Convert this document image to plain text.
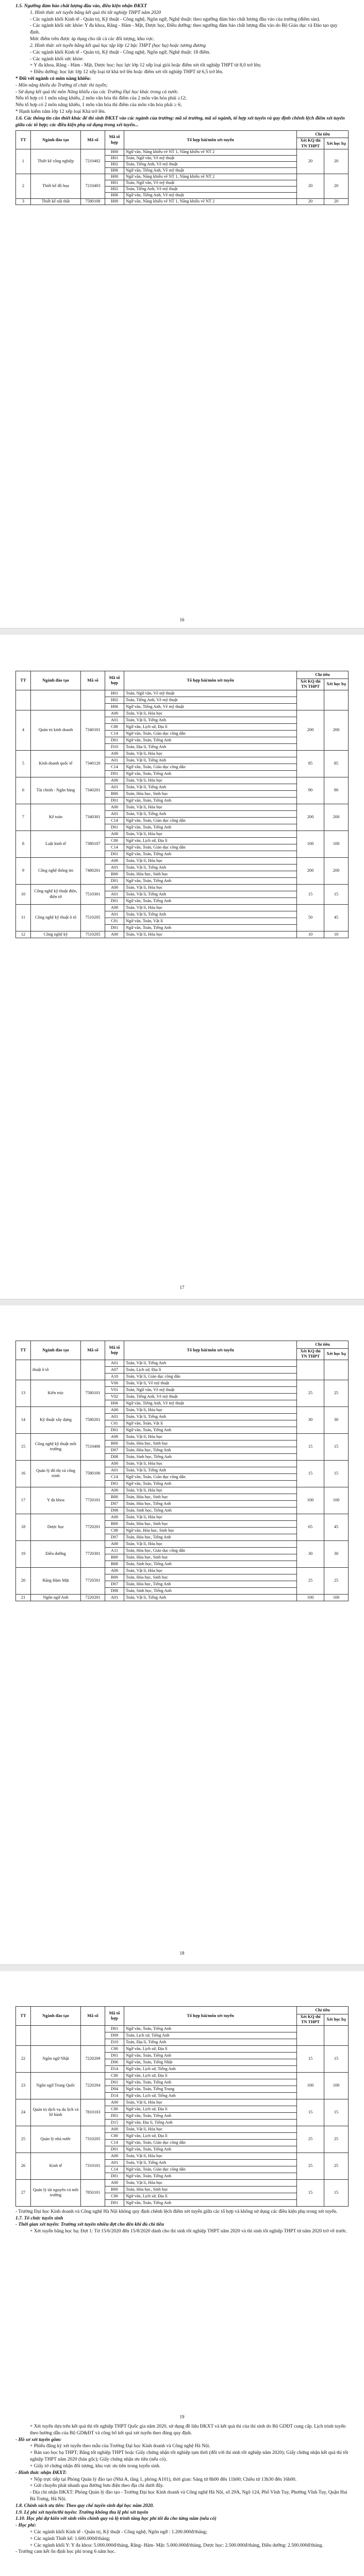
1.5. Ngưỡng đảm bảo chất lượng đầu vào, điều kiện nhận ĐKXT

1. Hình thức xét tuyển bằng kết quả thi tốt nghiệp THPT năm 2020

- Các ngành khối Kinh tế - Quản trị, Kỹ thuật - Công nghệ, Ngôn ngữ, Nghệ thuật: theo ngưỡng đảm bảo chất lượng đầu vào của trường (điểm sàn).

- Các ngành khối sức khỏe: Y đa khoa, Răng - Hàm - Mặt, Dược học, Điều dưỡng: theo ngưỡng đảm bảo chất lượng đầu vào do Bộ Giáo dục và Đào tạo quy định.

Mức điểm trên được áp dụng cho tất cả các đối tượng, khu vực.

2. Hình thức xét tuyển bằng kết quả học tập lớp 12 bậc THPT (học bạ) hoặc tương đương

- Các ngành khối Kinh tế - Quản trị, Kỹ thuật - Công nghệ, Ngôn ngữ, Nghệ thuật: 18 điểm.

- Các ngành khối sức khỏe:

+ Y đa khoa, Răng - Hàm - Mặt, Dược học: học lực lớp 12 xếp loại giỏi hoặc điểm xét tốt nghiệp THPT từ 8,0 trở lên;

+ Điều dưỡng: học lực lớp 12 xếp loại từ khá trở lên hoặc điểm xét tốt nghiệp THPT từ 6,5 trở lên.

* Đối với ngành có môn năng khiếu:

- Môn năng khiếu do Trường tổ chức thi tuyển;

- Sử dụng kết quả thi môn Năng khiếu của các Trường Đại học khác trong cả nước.

Nếu tổ hợp có 1 môn năng khiếu, 2 môn văn hóa thì điểm của 2 môn văn hóa phải ≥12;

Nếu tổ hợp có 2 môn năng khiếu, 1 môn văn hóa thì điểm của môn văn hóa phải ≥ 6;

* Hạnh kiểm năm lớp 12 xếp loại Khá trở lên.

1.6. Các thông tin cần thiết khác để thí sinh ĐKXT vào các ngành của trường: mã số trường, mã số ngành, tổ hợp xét tuyển và quy định chênh lệch điểm xét tuyển giữa các tổ hợp; các điều kiện phụ sử dụng trong xét tuyển...

TT	Ngành đào tạo	Mã số	Mã tổ hợp	Tổ hợp bài/môn xét tuyển	Chỉ tiêu	
					Xét KQ thi TN THPT	Xét học bạ
1	Thiết kế công nghiệp	7210402	H00	Ngữ văn, Năng khiếu vẽ NT 1, Năng khiếu vẽ NT 2	20	20
			H01	Toán, Ngữ văn, Vẽ mỹ thuật		
			H02	Toán, Tiếng Anh, Vẽ mỹ thuật		
			H06	Ngữ văn, Tiếng Anh, Vẽ mỹ thuật		
2	Thiết kế đồ họa	7210403	H00	Ngữ văn, Năng khiếu vẽ NT 1, Năng khiếu vẽ NT 2	20	20
			H01	Toán, Ngữ văn, Vẽ mỹ thuật		
			H02	Toán, Tiếng Anh, Vẽ mỹ thuật		
			H06	Ngữ văn, Tiếng Anh, Vẽ mỹ thuật		
3	Thiết kế nội thất	7580108	H00	Ngữ văn, Năng khiếu vẽ NT 1, Năng khiếu vẽ NT 2	20	20
16
TT	Ngành đào tạo	Mã số	Mã tổ hợp	Tổ hợp bài/môn xét tuyển	Chỉ tiêu	
					Xét KQ thi TN THPT	Xét học bạ
			H01	Toán, Ngữ văn, Vẽ mỹ thuật		
			H02	Toán, Tiếng Anh, Vẽ mỹ thuật		
			H06	Ngữ văn, Tiếng Anh, Vẽ mỹ thuật		
4	Quản trị kinh doanh	7340101	A00	Toán, Vật lí, Hóa học	200	200
			A01	Toán, Vật lí, Tiếng Anh		
			C00	Ngữ văn, Lịch sử, Địa lí		
			C14	Ngữ văn, Toán, Giáo dục công dân		
			D01	Ngữ văn, Toán, Tiếng Anh		
			D10	Toán, Địa lí, Tiếng Anh		
5	Kinh doanh quốc tế	7340120	A00	Toán, Vật lí, Hóa học	85	85
			A01	Toán, Vật lí, Tiếng Anh		
			C14	Ngữ văn, Toán, Giáo dục công dân		
			D01	Ngữ văn, Toán, Tiếng Anh		
6	Tài chính - Ngân hàng	7340201	A00	Toán, Vật lí, Hóa học	90	90
			A01	Toán, Vật lí, Tiếng Anh		
			B00	Toán, Hóa học, Sinh học		
			D01	Ngữ văn, Toán, Tiếng Anh		
7	Kế toán	7340301	A00	Toán, Vật lí, Hóa học	200	200
			A01	Toán, Vật lí, Tiếng Anh		
			C14	Ngữ văn, Toán, Giáo dục công dân		
			D01	Ngữ văn, Toán, Tiếng Anh		
8	Luật kinh tế	7380107	A00	Toán, Vật lí, Hóa học	100	100
			C00	Ngữ văn, Lịch sử, Địa lí		
			C14	Ngữ văn, Toán, Giáo dục công dân		
			D01	Ngữ văn, Toán, Tiếng Anh		
9	Công nghệ thông tin	7480201	A00	Toán, Vật lí, Hóa học	200	200
			A01	Toán, Vật lí, Tiếng Anh		
			B00	Toán, Hóa học, Sinh học		
			D01	Ngữ văn, Toán, Tiếng Anh		
10	Công nghệ kỹ thuật điện, điện tử	7510301	A00	Toán, Vật lí, Hóa học	15	15
			A01	Toán, Vật lí, Tiếng Anh		
			D01	Ngữ văn, Toán, Tiếng Anh		
11	Công nghệ kỹ thuật ô tô	7510205	A00	Toán, Vật lí, Hóa học	50	45
			A01	Toán, Vật lí, Tiếng Anh		
			C01	Ngữ văn, Toán, Vật lí		
			D01	Ngữ văn, Toán, Tiếng Anh		
12	Công nghệ kỹ	7510205	A00	Toán, Vật lí, Hóa học	10	10
17
TT	Ngành đào tạo	Mã số	Mã tổ hợp	Tổ hợp bài/môn xét tuyển	Chỉ tiêu	
					Xét KQ thi TN THPT	Xét học bạ
	thuật ô tô		A01	Toán, Vật lí, Tiếng Anh		
			A07	Toán, Lịch sử, Địa lí		
			A10	Toán, Vật lí, Giáo dục công dân		
13	Kiến trúc	7580101	V00	Toán, Vật lí, Vẽ mỹ thuật	25	25
			V01	Toán, Ngữ văn, Vẽ mỹ thuật		
			V02	Toán, Tiếng Anh, Vẽ mỹ thuật		
			H06	Ngữ văn, Tiếng Anh, Vẽ mỹ thuật		
14	Kỹ thuật xây dựng	7580201	A00	Toán, Vật lí, Hóa học	30	30
			A01	Toán, Vật lí, Tiếng Anh		
			C01	Ngữ văn, Toán, Vật lí		
			D01	Ngữ văn, Toán, Tiếng Anh		
15	Công nghệ kỹ thuật môi trường	7510406	A00	Toán, Vật lí, Hóa học	15	15
			B00	Toán, Hóa học, Sinh học		
			D07	Toán, Hóa học, Tiếng Anh		
			D08	Toán, Sinh học, Tiếng Anh		
16	Quản lý đô thị và công trình	7580106	A00	Toán, Vật lí, Hóa học	15	15
			A01	Toán, Vật lí, Tiếng Anh		
			C14	Ngữ văn, Toán, Giáo dục công dân		
			D01	Ngữ văn, Toán, Tiếng Anh		
17	Y đa khoa	7720101	A00	Toán, Vật lí, Hóa học	100	100
			B00	Toán, Hóa học, Sinh học		
			D07	Toán, Hóa học, Tiếng Anh		
			D08	Toán, Sinh học, Tiếng Anh		
18	Dược học	7720201	A00	Toán, Vật lí, Hóa học	65	45
			B00	Toán, Hóa học, Sinh học		
			C08	Ngữ văn, Hóa học, Sinh học		
			D07	Toán, Hóa học, Tiếng Anh		
19	Điều dưỡng	7720301	A00	Toán, Vật lí, Hóa học	30	30
			A11	Toán, Hóa học, Giáo dục công dân		
			B00	Toán, Hóa học, Sinh học		
			B08	Toán, Sinh học, Tiếng Anh		
20	Răng Hàm Mặt	7720501	A00	Toán, Vật lí, Hóa học	25	25
			B00	Toán, Hóa học, Sinh học		
			D07	Toán, Hóa học, Tiếng Anh		
			D08	Toán, Sinh học, Tiếng Anh		
21	Ngôn ngữ Anh	7220201	A01	Toán, Vật lí, Tiếng Anh	100	100
18
TT	Ngành đào tạo	Mã số	Mã tổ hợp	Tổ hợp bài/môn xét tuyển	Chỉ tiêu	
					Xét KQ thi TN THPT	Xét học bạ
			D01	Ngữ văn, Toán, Tiếng Anh		
			D09	Toán, Lịch sử, Tiếng Anh		
			D10	Toán, Địa lí, Tiếng Anh		
22	Ngôn ngữ Nhật	7220209	C00	Ngữ văn, Lịch sử, Địa lí	15	15
			D01	Ngữ văn, Toán, Tiếng Anh		
			D06	Ngữ văn, Toán, Tiếng Nhật		
			D14	Ngữ văn, Lịch sử, Tiếng Anh		
23	Ngôn ngữ Trung Quốc	7220204	C00	Ngữ văn, Lịch sử, Địa lí	100	100
			D01	Ngữ văn, Toán, Tiếng Anh		
			D04	Ngữ văn, Toán, Tiếng Trung		
			D14	Ngữ văn, Lịch sử, Tiếng Anh		
24	Quản trị dịch vụ du lịch và lữ hành	7810103	A00	Toán, Vật lí, Hóa học	15	15
			C00	Ngữ văn, Lịch sử, Địa lí		
			D01	Ngữ văn, Toán, Tiếng Anh		
			D15	Ngữ văn, Địa lí, Tiếng Anh		
25	Quản lý nhà nước	7310205	A00	Toán, Vật lí, Hóa học	25	25
			C00	Ngữ văn, Lịch sử, Địa lí		
			C14	Ngữ văn, Toán, Giáo dục công dân		
			D01	Ngữ văn, Toán, Tiếng Anh		
26	Kinh tế	7310101	A00	Toán, Vật lí, Hóa học	25	25
			A01	Toán, Vật lí, Tiếng Anh		
			C14	Ngữ văn, Toán, Giáo dục công dân		
			D01	Ngữ văn, Toán, Tiếng Anh		
27	Quản lý tài nguyên và môi trường	7850101	A00	Toán, Vật lí, Hóa học	15	15
			B00	Toán, Hóa học, Sinh học		
			C00	Ngữ văn, Lịch sử, Địa lí		
			D01	Ngữ văn, Toán, Tiếng Anh		

- Trường Đại học Kinh doanh và Công nghệ Hà Nội không quy định chênh lệch điểm xét tuyển giữa các tổ hợp và không sử dụng các điều kiện phụ trong xét tuyển.

1.7. Tổ chức tuyển sinh

- Thời gian xét tuyển: Trường xét tuyển nhiều đợt cho đến khi đủ chỉ tiêu

+ Xét tuyển bằng học bạ: Đợt 1: Từ 15/6/2020 đến 15/8/2020 dành cho thí sinh tốt nghiệp THPT năm 2020 và thí sinh tốt nghiệp THPT từ năm 2020 trở về trước.

+ Xét tuyển dựa trên kết quả thi tốt nghiệp THPT Quốc gia năm 2020, sử dụng đề liệu ĐKXT và kết quả thi của thí sinh do Bộ GDĐT cung cấp. Lịch trình tuyển theo hướng dẫn của Bộ GD&ĐT và công bố kết quả xét tuyển theo đúng quy định.

- Hồ sơ xét tuyển gồm:

+ Phiếu đăng ký xét tuyển theo mẫu của Trường Đại học Kinh doanh và Công nghệ Hà Nội.

+ Bản sao học bạ THPT; Bằng tốt nghiệp THPT hoặc Giấy chứng nhận tốt nghiệp tạm thời (đối với thí sinh tốt nghiệp năm 2020); Giấy chứng nhận kết quả thi tốt nghiệp THPT năm 2020 (bản gốc); Giấy chứng nhận ưu tiên (nếu có).

+ Giấy tờ chứng nhận đối tượng, khu vực ưu tiên trong tuyển sinh.

- Hình thức nhận ĐKXT:

+ Nộp trực tiếp tại Phòng Quản lý đào tạo (Nhà A, tầng 1, phòng A101), thời gian: Sáng từ 8h00 đến 11h00; Chiều từ 13h30 đến 16h00.

+ Gửi chuyển phát nhanh qua đường bưu điện theo địa chỉ dưới đây.

- Địa chỉ nhận ĐKXT: Phòng Quản lý đào tạo - Trường Đại học Kinh doanh và Công nghệ Hà Nội, số 29A, Ngõ 124, Phố Vĩnh Tuy, Phường Vĩnh Tuy, Quận Hai Bà Trưng, Hà Nội.

1.8. Chính sách ưu tiên: Theo quy chế tuyển sinh đại học năm 2020.

1.9. Lệ phí xét tuyển/thi tuyển: Trường không thu lệ phí xét tuyển

1.10. Học phí dự kiến với sinh viên chính quy và lộ trình tăng học phí tối đa cho từng năm (nếu có)

- Học phí:

+ Các ngành khối Kinh tế - Quản trị, Kỹ thuật - Công nghệ, Ngôn ngữ : 1.200.000đ/tháng;

+ Các ngành Thiết kế: 1.600.000đ/tháng;

+ Các ngành khối Y: Y đa khoa: 5.000.000đ/tháng, Răng- Hàm- Mặt: 5.000.000đ/tháng, Dược học: 2.500.000đ/tháng, Điều dưỡng: 2.500.000đ/tháng.

- Trường cam kết ổn định học phí trong 6 năm học.

19
